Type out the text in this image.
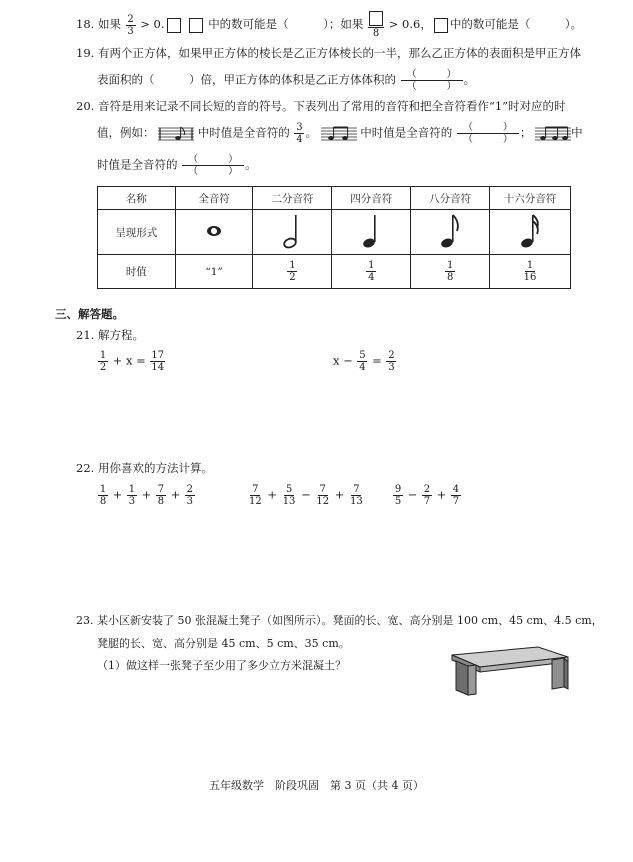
18. 如果 $\frac{2}{3} > 0$.	中的数可能是（　　　）；如果
8
> 0.6， 中的数可能是（　　　）。
19. 有两个正方体，如果甲正方体的棱长是乙正方体棱长的一半，那么乙正方体的表面积是甲正方体
表面积的（　　　）倍，甲正方体的体积是乙正方体体积的 $\frac{( )}{( )}$ 。
20. 音符是用来记录不同长短的音的符号。下表列出了常用的音符和把全音符看作“1”时对应的时
值，例如：	中时值是全音符的 $\frac{3}{4}$ 。	中时值是全音符的 $\frac{( )}{( )}$ ；	中
时值是全音符的 $\frac{( )}{( )}$ 。
名称	全音符	二分音符	四分音符	八分音符	十六分音符
呈现形式					
时值	“1”	$\frac{1}{2}$	$\frac{1}{4}$	$\frac{1}{8}$	$\frac{1}{16}$
三、解答题。
21. 解方程。
$\frac{1}{2} + x = \frac{17}{14}$	$x - \frac{5}{4} = \frac{2}{3}$
22. 用你喜欢的方法计算。
$\frac{1}{8} + \frac{1}{3} + \frac{7}{8} + \frac{2}{3}$	$\frac{7}{12} + \frac{5}{13} - \frac{7}{12} + \frac{7}{13}$	$\frac{9}{5} - \frac{2}{7} + \frac{4}{7}$
23. 某小区新安装了 50 张混凝土凳子（如图所示）。凳面的长、宽、高分别是 100 cm、45 cm、4.5 cm，
凳腿的长、宽、高分别是 45 cm、5 cm、35 cm。
（1）做这样一张凳子至少用了多少立方米混凝土？
五年级数学　阶段巩固　第 3 页（共 4 页）
